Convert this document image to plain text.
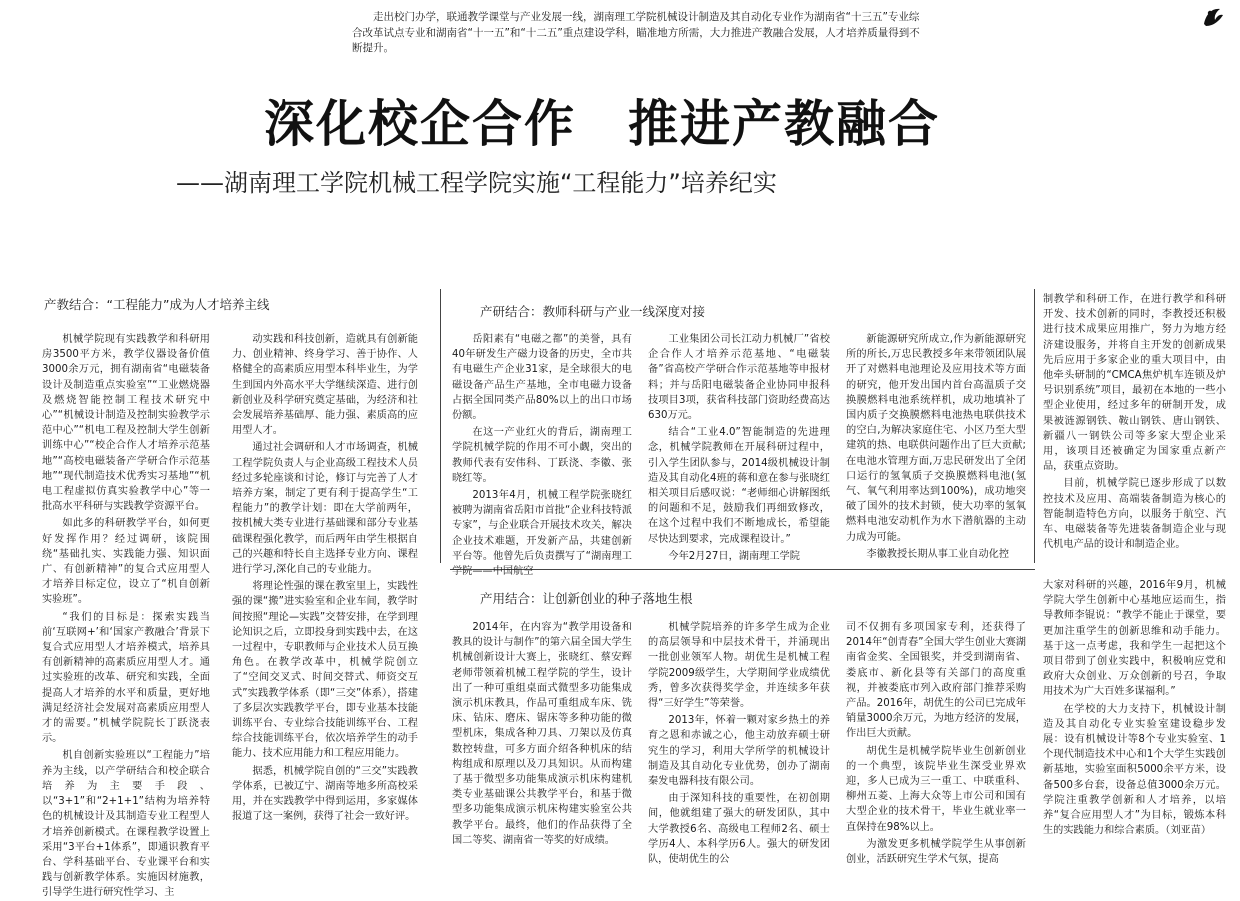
走出校门办学，联通教学课堂与产业发展一线，湖南理工学院机械设计制造及其自动化专业作为湖南省“十三五”专业综合改革试点专业和湖南省“十一五”和“十二五”重点建设学科，瞄准地方所需，大力推进产教融合发展，人才培养质量得到不断提升。
深化校企合作　推进产教融合
——湖南理工学院机械工程学院实施“工程能力”培养纪实
产教结合：“工程能力”成为人才培养主线

机械学院现有实践教学和科研用房3500平方米，教学仪器设备价值3000余万元，拥有湖南省“电磁装备设计及制造重点实验室”“工业燃烧器及燃烧智能控制工程技术研究中心”“机械设计制造及控制实验教学示范中心”“机电工程及控制大学生创新训练中心”“校企合作人才培养示范基地”“高校电磁装备产学研合作示范基地”“现代制造技术优秀实习基地”“机电工程虚拟仿真实验教学中心”等一批高水平科研与实践教学资源平台。

如此多的科研教学平台，如何更好发挥作用？经过调研，该院围绕“基础扎实、实践能力强、知识面广、有创新精神”的复合式应用型人才培养目标定位，设立了“机自创新实验班”。

“我们的目标是：探索实践当前‘互联网+’和‘国家产教融合’背景下复合式应用型人才培养模式，培养具有创新精神的高素质应用型人才。通过实验班的改革、研究和实践，全面提高人才培养的水平和质量，更好地满足经济社会发展对高素质应用型人才的需要。”机械学院院长丁跃浇表示。

机自创新实验班以“工程能力”培养为主线，以产学研结合和校企联合培养为主要手段、以“3+1”和“2+1+1”结构为培养特色的机械设计及其制造专业工程型人才培养创新模式。在课程教学设置上采用“3平台+1体系”，即通识教育平台、学科基础平台、专业课平台和实践与创新教学体系。实施因材施教，引导学生进行研究性学习、主

动实践和科技创新，造就具有创新能力、创业精神、终身学习、善于协作、人格健全的高素质应用型本科毕业生，为学生到国内外高水平大学继续深造、进行创新创业及科学研究奠定基础，为经济和社会发展培养基础厚、能力强、素质高的应用型人才。

通过社会调研和人才市场调查，机械工程学院负责人与企业高级工程技术人员经过多轮座谈和讨论，修订与完善了人才培养方案，制定了更有利于提高学生“工程能力”的教学计划：即在大学前两年，按机械大类专业进行基础课和部分专业基础课程强化教学，而后两年由学生根据自己的兴趣和特长自主选择专业方向、课程进行学习,深化自己的专业能力。

将理论性强的课在教室里上，实践性强的课“搬”进实验室和企业车间，教学时间按照“理论—实践”交替安排，在学到理论知识之后，立即投身到实践中去，在这一过程中，专职教师与企业技术人员互换角色。在教学改革中，机械学院创立了“空间交叉式、时间交替式、师资交互式”实践教学体系（即“三交”体系），搭建了多层次实践教学平台，即专业基本技能训练平台、专业综合技能训练平台、工程综合技能训练平台，依次培养学生的动手能力、技术应用能力和工程应用能力。

据悉，机械学院自创的“三交”实践教学体系，已被辽宁、湖南等地多所高校采用，并在实践教学中得到运用，多家媒体报道了这一案例，获得了社会一致好评。

产研结合：教师科研与产业一线深度对接

岳阳素有“电磁之都”的美誉，具有40年研发生产磁力设备的历史，全市共有电磁生产企业31家，是全球很大的电磁设备产品生产基地，全市电磁力设备占据全国同类产品80%以上的出口市场份额。

在这一产业红火的背后，湖南理工学院机械学院的作用不可小觑，突出的教师代表有安伟科、丁跃浇、李徽、张晓红等。

2013年4月，机械工程学院张晓红被聘为湖南省岳阳市首批“企业科技特派专家”，与企业联合开展技术攻关，解决企业技术难题，开发新产品，共建创新平台等。他曾先后负责撰写了“湖南理工学院——中国航空

工业集团公司长江动力机械厂”省校企合作人才培养示范基地、“电磁装备”省高校产学研合作示范基地等申报材料；并与岳阳电磁装备企业协同申报科技项目3项，获省科技部门资助经费高达630万元。

结合“工业4.0”智能制造的先进理念，机械学院教师在开展科研过程中，引入学生团队参与，2014级机械设计制造及其自动化4班的蒋和意在参与张晓红相关项目后感叹说：“老师细心讲解图纸的问题和不足，鼓励我们再细致修改，在这个过程中我们不断地成长，希望能尽快达到要求，完成课程设计。”

今年2月27日，湖南理工学院

新能源研究所成立,作为新能源研究所的所长,万忠民教授多年来带领团队展开了对燃料电池理论及应用技术等方面的研究，他开发出国内首台高温质子交换膜燃料电池系统样机，成功地填补了国内质子交换膜燃料电池热电联供技术的空白,为解决家庭住宅、小区乃至大型建筑的热、电联供问题作出了巨大贡献;在电池水管理方面,万忠民研发出了全闭口运行的氢氧质子交换膜燃料电池(氢气、氧气利用率达到100%)，成功地突破了国外的技术封锁，使大功率的氢氧燃料电池安动机作为水下潜航器的主动力成为可能。

李徽教授长期从事工业自动化控

制教学和科研工作，在进行教学和科研开发、技术创新的同时，李教授还积极进行技术成果应用推广，努力为地方经济建设服务，并将自主开发的创新成果先后应用于多家企业的重大项目中，由他牵头研制的“CMCA焦炉机车连锁及炉号识别系统”项目，最初在本地的一些小型企业使用，经过多年的研制开发，成果被涟源钢铁、鞍山钢铁、唐山钢铁、新疆八一钢铁公司等多家大型企业采用，该项目还被确定为国家重点新产品，获重点资助。

目前，机械学院已逐步形成了以数控技术及应用、高端装备制造为核心的智能制造特色方向，以服务于航空、汽车、电磁装备等先进装备制造企业与现代机电产品的设计和制造企业。

产用结合：让创新创业的种子落地生根

2014年，在内容为“教学用设备和教具的设计与制作”的第六届全国大学生机械创新设计大赛上，张晓红、蔡安辉老师带领着机械工程学院的学生，设计出了一种可重组桌面式微型多功能集成演示机床教具，作品可重组成车床、铣床、钻床、磨床、锯床等多种功能的微型机床，集成各种刀具、刀架以及仿真数控转盘，可多方面介绍各种机床的结构组成和原理以及刀具知识。从而构建了基于微型多功能集成演示机床构建机类专业基础课公共教学平台，和基于微型多功能集成演示机床构建实验室公共教学平台。最终，他们的作品获得了全国二等奖、湖南省一等奖的好成绩。

机械学院培养的许多学生成为企业的高层领导和中层技术骨干，并涌现出一批创业领军人物。胡优生是机械工程学院2009级学生，大学期间学业成绩优秀，曾多次获得奖学金，并连续多年获得“三好学生”等荣誉。

2013年，怀着一颗对家乡热土的养育之恩和赤诚之心，他主动放弃硕士研究生的学习，利用大学所学的机械设计制造及其自动化专业优势，创办了湖南秦发电器科技有限公司。

由于深知科技的重要性，在初创期间，他就组建了强大的研发团队，其中大学教授6名、高级电工程师2名、硕士学历4人、本科学历6人。强大的研发团队，使胡优生的公

司不仅拥有多项国家专利，还获得了2014年“创青春”全国大学生创业大赛湖南省金奖、全国银奖，并受到湖南省、娄底市、新化县等有关部门的高度重视，并被娄底市列入政府部门推荐采购产品。2016年，胡优生的公司已完成年销量3000余万元，为地方经济的发展，作出巨大贡献。

胡优生是机械学院毕业生创新创业的一个典型，该院毕业生深受业界欢迎，多人已成为三一重工、中联重科、柳州五菱、上海大众等上市公司和国有大型企业的技术骨干，毕业生就业率一直保持在98%以上。

为激发更多机械学院学生从事创新创业，活跃研究生学术气氛，提高

大家对科研的兴趣，2016年9月，机械学院大学生创新中心基地应运而生，指导教师李锟说：“教学不能止于课堂，要更加注重学生的创新思维和动手能力。基于这一点考虑，我和学生一起把这个项目带到了创业实践中，积极响应党和政府大众创业、万众创新的号召，争取用技术为广大百姓多谋福利。”

在学校的大力支持下，机械设计制造及其自动化专业实验室建设稳步发展：设有机械设计等8个专业实验室、1个现代制造技术中心和1个大学生实践创新基地，实验室面积5000余平方米，设备500多台套，设备总值3000余万元。学院注重教学创新和人才培养，以培养“复合应用型人才”为目标，锻炼本科生的实践能力和综合素质。（刘亚苗）
